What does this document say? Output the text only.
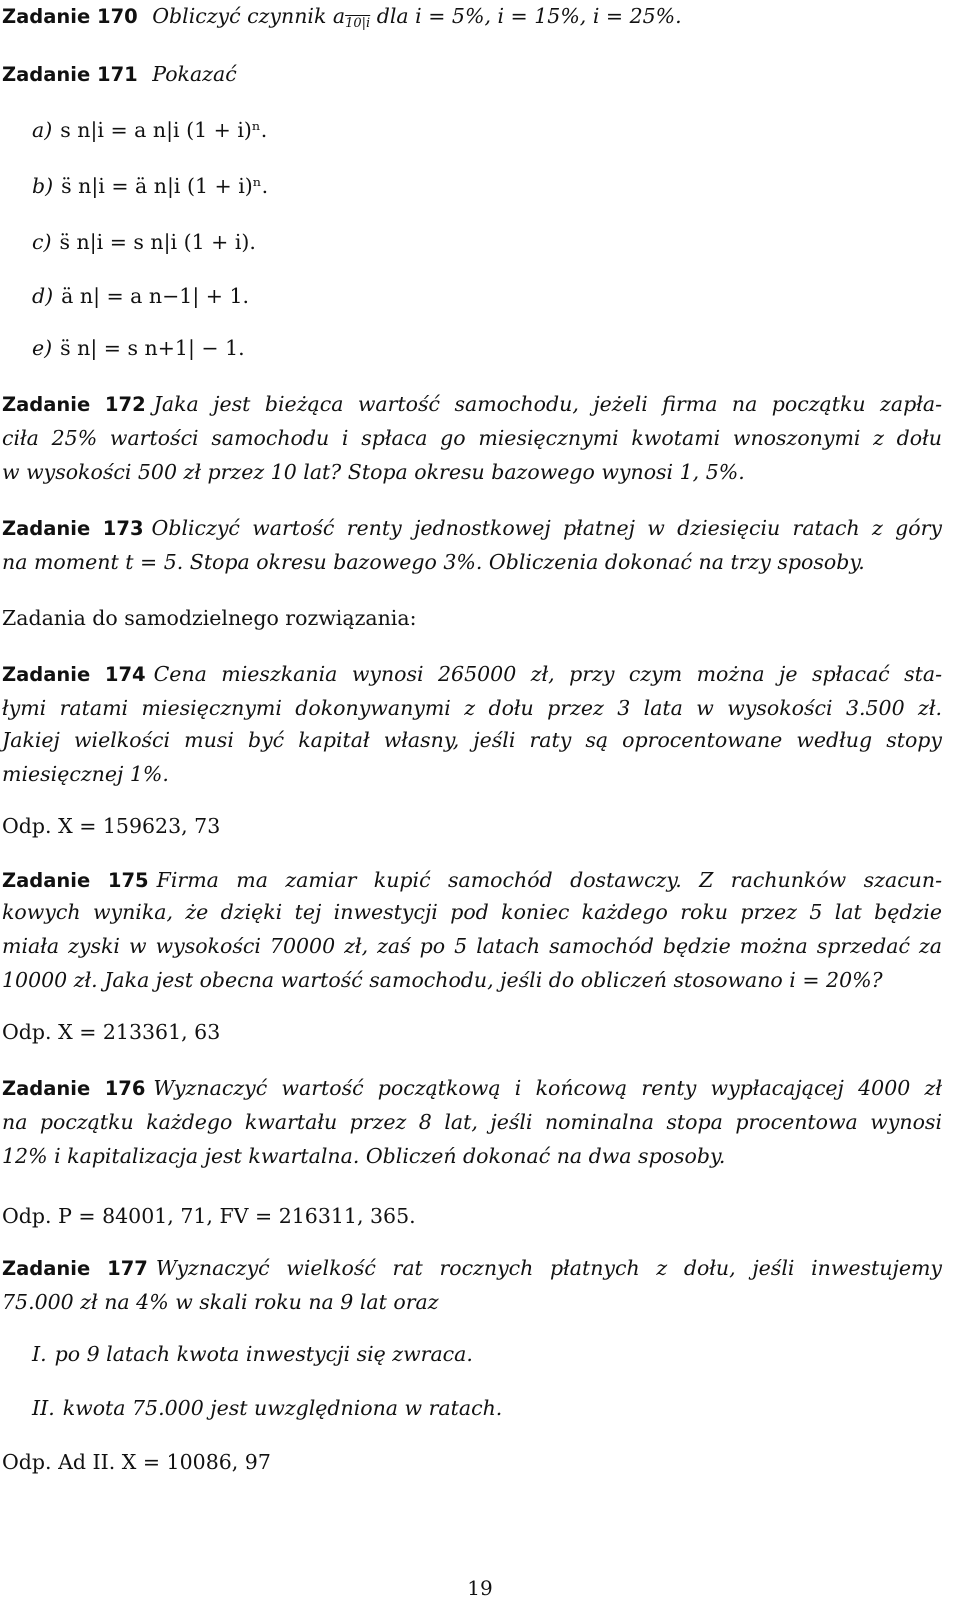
Zadanie 170 Obliczyć czynnik $a_{10|i}$ dla i = 5%, i = 15%, i = 25%.
Zadanie 171 Pokazać
a) s n|i = a n|i (1 + i)ⁿ.
b) s̈ n|i = ä n|i (1 + i)ⁿ.
c) s̈ n|i = s n|i (1 + i).
d) ä n| = a n−1| + 1.
e) s̈ n| = s n+1| − 1.
Zadanie 172 Jaka jest bieżąca wartość samochodu, jeżeli firma na początku zapła-
ciła 25% wartości samochodu i spłaca go miesięcznymi kwotami wnoszonymi z dołu
w wysokości 500 zł przez 10 lat? Stopa okresu bazowego wynosi 1, 5%.
Zadanie 173 Obliczyć wartość renty jednostkowej płatnej w dziesięciu ratach z góry
na moment t = 5. Stopa okresu bazowego 3%. Obliczenia dokonać na trzy sposoby.
Zadania do samodzielnego rozwiązania:
Zadanie 174 Cena mieszkania wynosi 265000 zł, przy czym można je spłacać sta-
łymi ratami miesięcznymi dokonywanymi z dołu przez 3 lata w wysokości 3.500 zł.
Jakiej wielkości musi być kapitał własny, jeśli raty są oprocentowane według stopy
miesięcznej 1%.
Odp. X = 159623, 73
Zadanie 175 Firma ma zamiar kupić samochód dostawczy. Z rachunków szacun-
kowych wynika, że dzięki tej inwestycji pod koniec każdego roku przez 5 lat będzie
miała zyski w wysokości 70000 zł, zaś po 5 latach samochód będzie można sprzedać za
10000 zł. Jaka jest obecna wartość samochodu, jeśli do obliczeń stosowano i = 20%?
Odp. X = 213361, 63
Zadanie 176 Wyznaczyć wartość początkową i końcową renty wypłacającej 4000 zł
na początku każdego kwartału przez 8 lat, jeśli nominalna stopa procentowa wynosi
12% i kapitalizacja jest kwartalna. Obliczeń dokonać na dwa sposoby.
Odp. P = 84001, 71, FV = 216311, 365.
Zadanie 177 Wyznaczyć wielkość rat rocznych płatnych z dołu, jeśli inwestujemy
75.000 zł na 4% w skali roku na 9 lat oraz
I. po 9 latach kwota inwestycji się zwraca.
II. kwota 75.000 jest uwzględniona w ratach.
Odp. Ad II. X = 10086, 97
19
